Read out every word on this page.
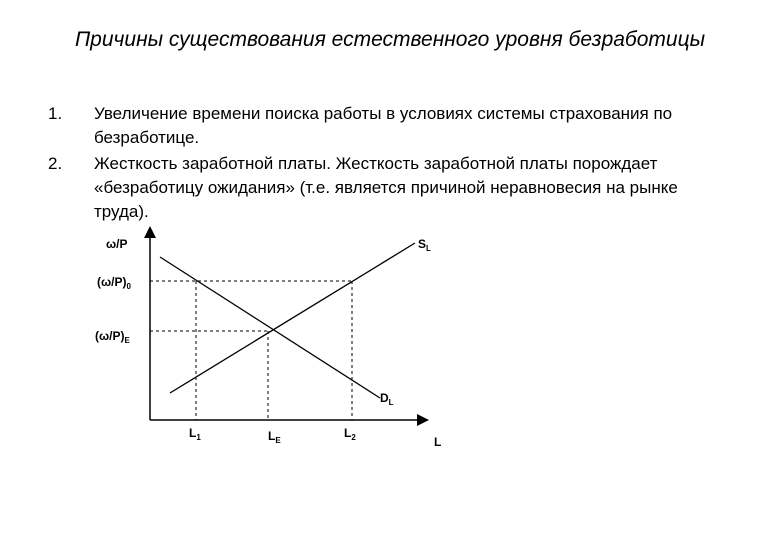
Причины существования естественного уровня безработицы
1. Увеличение времени поиска работы в условиях системы страхования по безработице.
2. Жесткость заработной платы. Жесткость заработной платы порождает «безработицу ожидания» (т.е. является причиной неравновесия на рынке труда).
ω/P	$S_L$
$(\omega/P)_0$
$(\omega/P)_E$
$D_L$
$L_1$	$L_E$
$L_2$	L
